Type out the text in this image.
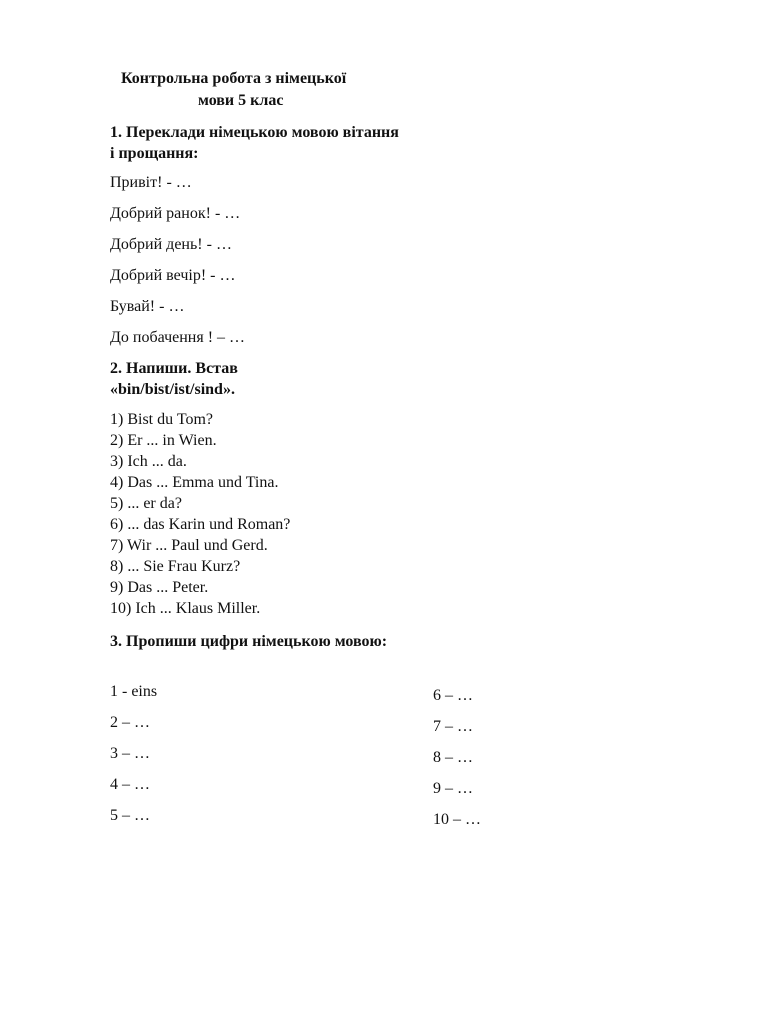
Контрольна робота з німецької
мови 5 клас
1. Переклади німецькою мовою вітання і прощання:
Привіт! - …
Добрий ранок! - …
Добрий день! - …
Добрий вечір! - …
Бувай! - …
До побачення ! – …
2. Напиши. Встав «bin/bist/ist/sind».
1) Bist du Tom?
2) Er ... in Wien.
3) Ich ... da.
4) Das ... Emma und Tina.
5) ... er da?
6) ... das Karin und Roman?
7) Wir ... Paul und Gerd.
8) ... Sie Frau Kurz?
9) Das ... Peter.
10) Ich ... Klaus Miller.
3. Пропиши цифри німецькою мовою:
1 - eins
2 – …
3 – …
4 – …
5 – …
6 – …
7 – …
8 – …
9 – …
10 – …
